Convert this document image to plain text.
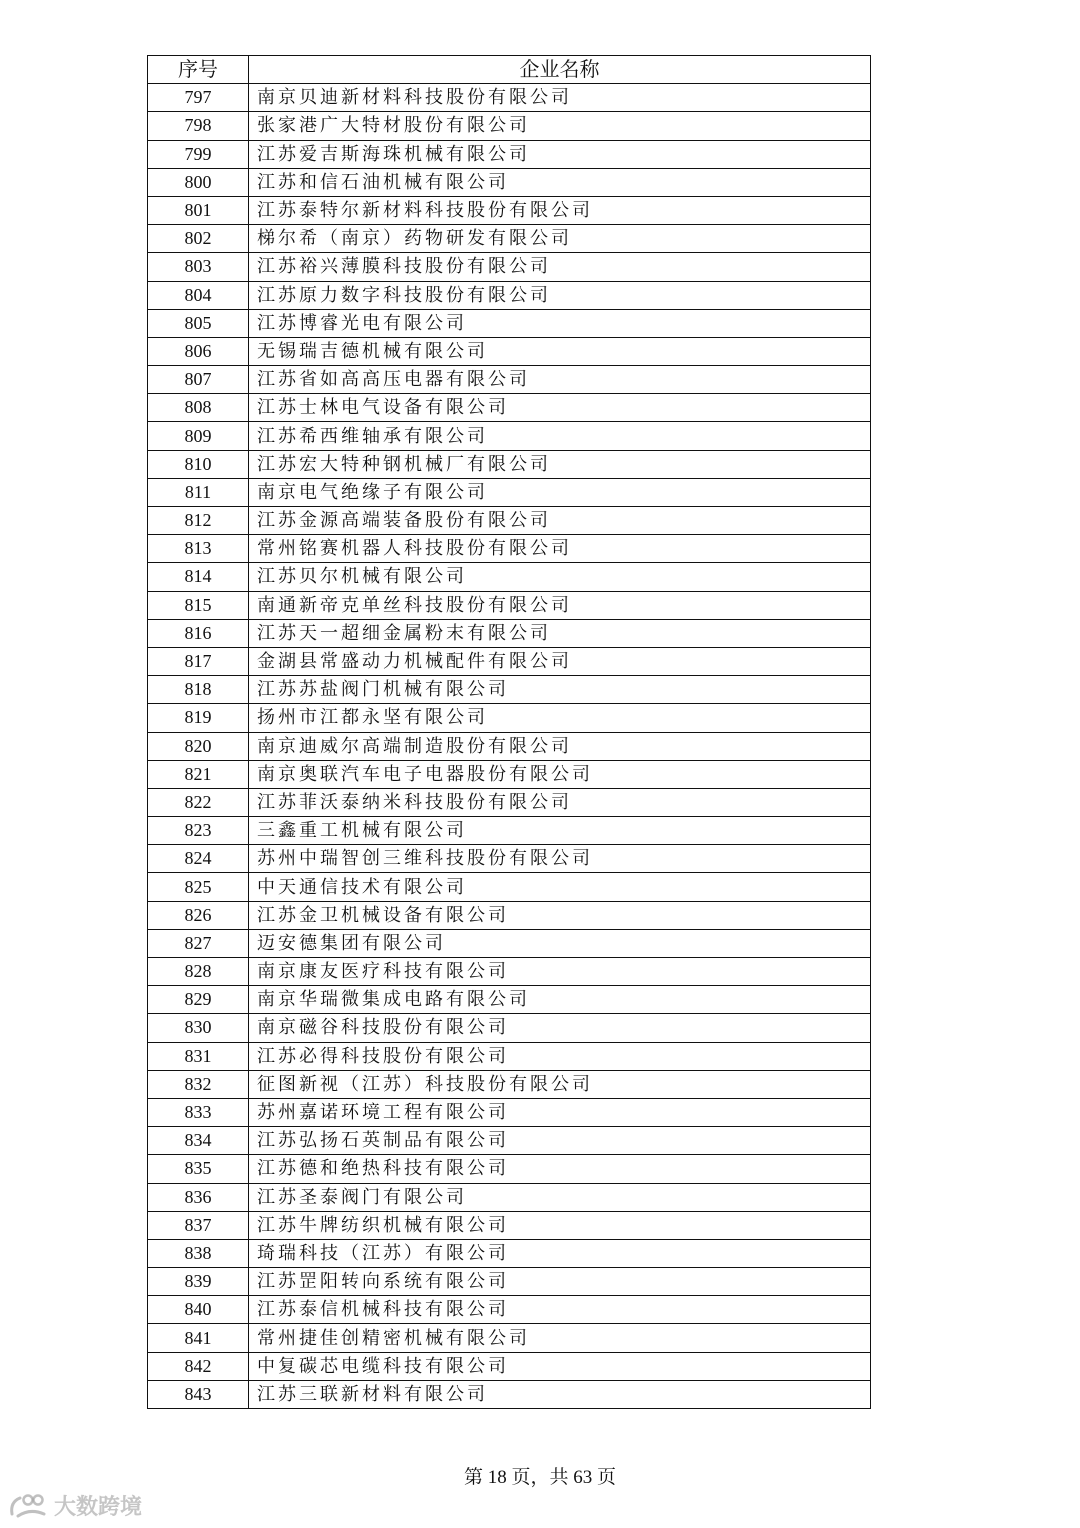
序号	企业名称
797	南京贝迪新材料科技股份有限公司
798	张家港广大特材股份有限公司
799	江苏爱吉斯海珠机械有限公司
800	江苏和信石油机械有限公司
801	江苏泰特尔新材料科技股份有限公司
802	梯尔希（南京）药物研发有限公司
803	江苏裕兴薄膜科技股份有限公司
804	江苏原力数字科技股份有限公司
805	江苏博睿光电有限公司
806	无锡瑞吉德机械有限公司
807	江苏省如高高压电器有限公司
808	江苏士林电气设备有限公司
809	江苏希西维轴承有限公司
810	江苏宏大特种钢机械厂有限公司
811	南京电气绝缘子有限公司
812	江苏金源高端装备股份有限公司
813	常州铭赛机器人科技股份有限公司
814	江苏贝尔机械有限公司
815	南通新帝克单丝科技股份有限公司
816	江苏天一超细金属粉末有限公司
817	金湖县常盛动力机械配件有限公司
818	江苏苏盐阀门机械有限公司
819	扬州市江都永坚有限公司
820	南京迪威尔高端制造股份有限公司
821	南京奥联汽车电子电器股份有限公司
822	江苏菲沃泰纳米科技股份有限公司
823	三鑫重工机械有限公司
824	苏州中瑞智创三维科技股份有限公司
825	中天通信技术有限公司
826	江苏金卫机械设备有限公司
827	迈安德集团有限公司
828	南京康友医疗科技有限公司
829	南京华瑞微集成电路有限公司
830	南京磁谷科技股份有限公司
831	江苏必得科技股份有限公司
832	征图新视（江苏）科技股份有限公司
833	苏州嘉诺环境工程有限公司
834	江苏弘扬石英制品有限公司
835	江苏德和绝热科技有限公司
836	江苏圣泰阀门有限公司
837	江苏牛牌纺织机械有限公司
838	琦瑞科技（江苏）有限公司
839	江苏罡阳转向系统有限公司
840	江苏泰信机械科技有限公司
841	常州捷佳创精密机械有限公司
842	中复碳芯电缆科技有限公司
843	江苏三联新材料有限公司
第 18 页，共 63 页
大数跨境
